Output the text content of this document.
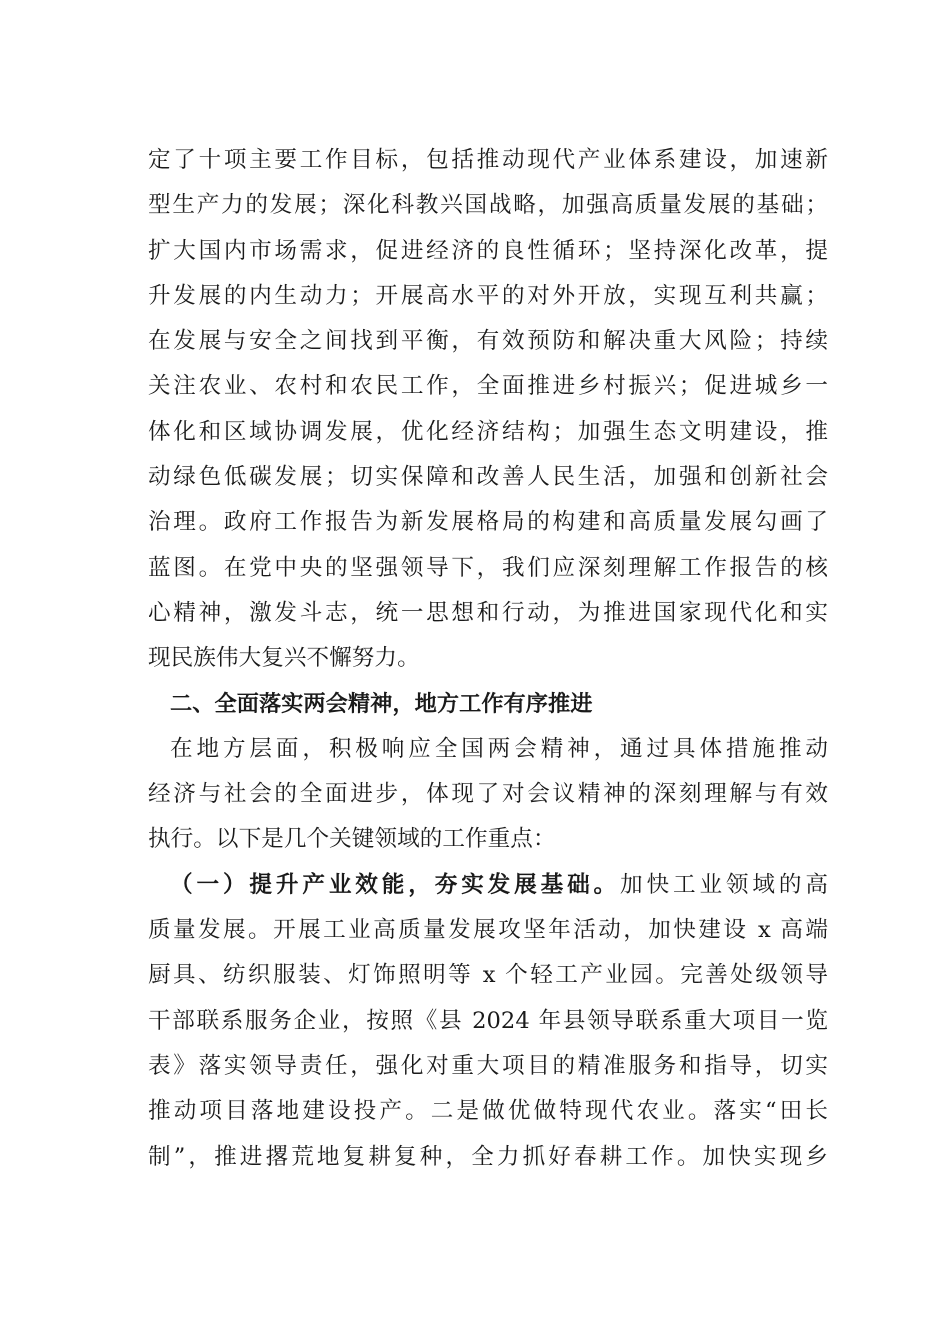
定了十项主要工作目标，包括推动现代产业体系建设，加速新
型生产力的发展；深化科教兴国战略，加强高质量发展的基础；
扩大国内市场需求，促进经济的良性循环；坚持深化改革，提
升发展的内生动力；开展高水平的对外开放，实现互利共赢；
在发展与安全之间找到平衡，有效预防和解决重大风险；持续
关注农业、农村和农民工作，全面推进乡村振兴；促进城乡一
体化和区域协调发展，优化经济结构；加强生态文明建设，推
动绿色低碳发展；切实保障和改善人民生活，加强和创新社会
治理。政府工作报告为新发展格局的构建和高质量发展勾画了
蓝图。在党中央的坚强领导下，我们应深刻理解工作报告的核
心精神，激发斗志，统一思想和行动，为推进国家现代化和实
现民族伟大复兴不懈努力。
二、全面落实两会精神，地方工作有序推进
在地方层面，积极响应全国两会精神，通过具体措施推动
经济与社会的全面进步，体现了对会议精神的深刻理解与有效
执行。以下是几个关键领域的工作重点：
（一）提升产业效能，夯实发展基础。加快工业领域的高
质量发展。开展工业高质量发展攻坚年活动，加快建设 x 高端
厨具、纺织服装、灯饰照明等 x 个轻工产业园。完善处级领导
干部联系服务企业，按照《县 2024 年县领导联系重大项目一览
表》落实领导责任，强化对重大项目的精准服务和指导，切实
推动项目落地建设投产。二是做优做特现代农业。落实“田长
制”，推进撂荒地复耕复种，全力抓好春耕工作。加快实现乡
